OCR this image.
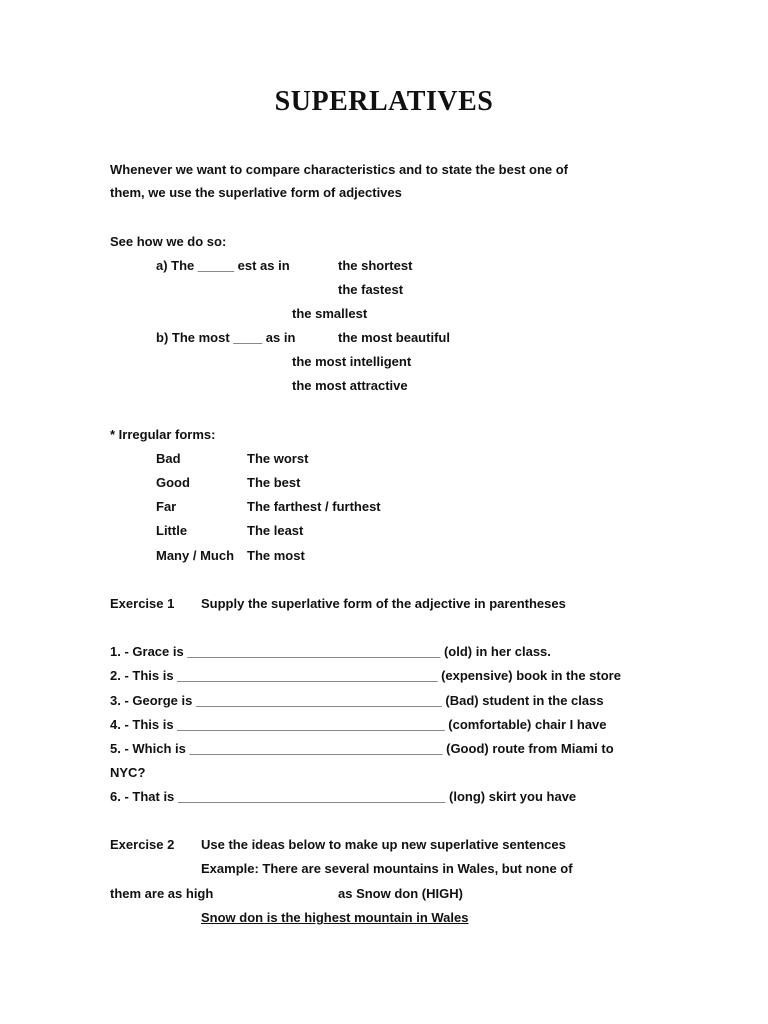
SUPERLATIVES
Whenever we want to compare characteristics and to state the best one of
them, we use the superlative form of adjectives
See how we do so:
a) The _____ est as in	the shortest
the fastest
the smallest
b) The most ____ as in	the most beautiful
the most intelligent
the most attractive
* Irregular forms:
Bad	The worst
Good	The best
Far	The farthest / furthest
Little	The least
Many / Much The most
Exercise 1 Supply the superlative form of the adjective in parentheses
1. - Grace is ___________________________________ (old) in her class.
2. - This is ____________________________________ (expensive) book in the store
3. - George is __________________________________ (Bad) student in the class
4. - This is _____________________________________ (comfortable) chair I have
5. - Which is ___________________________________ (Good) route from Miami to
NYC?
6. - That is _____________________________________ (long) skirt you have
Exercise 2 Use the ideas below to make up new superlative sentences
Example: There are several mountains in Wales, but none of
them are as high	as Snow don (HIGH)
Snow don is the highest mountain in Wales
